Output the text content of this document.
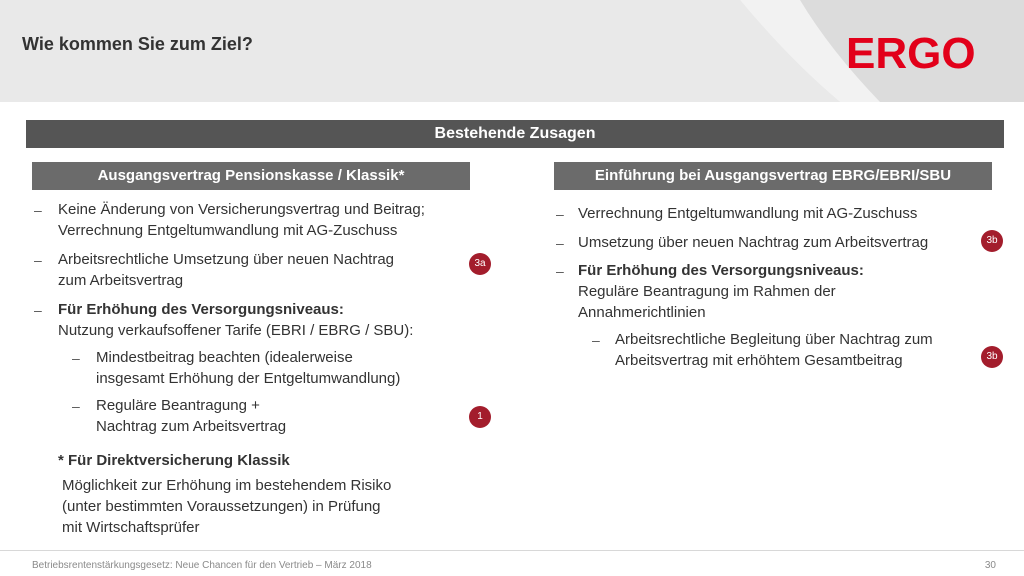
Wie kommen Sie zum Ziel?	ERGO
Bestehende Zusagen
Ausgangsvertrag Pensionskasse / Klassik*	Einführung bei Ausgangsvertrag EBRG/EBRI/SBU
– Keine Änderung von Versicherungsvertrag und Beitrag;
Verrechnung Entgeltumwandlung mit AG-Zuschuss
– Arbeitsrechtliche Umsetzung über neuen Nachtrag
zum Arbeitsvertrag
– Für Erhöhung des Versorgungsniveaus:
Nutzung verkaufsoffener Tarife (EBRI / EBRG / SBU):
– Mindestbeitrag beachten (idealerweise
insgesamt Erhöhung der Entgeltumwandlung)
– Reguläre Beantragung +
Nachtrag zum Arbeitsvertrag
* Für Direktversicherung Klassik
Möglichkeit zur Erhöhung im bestehendem Risiko
(unter bestimmten Voraussetzungen) in Prüfung
mit Wirtschaftsprüfer
3a
1
– Verrechnung Entgeltumwandlung mit AG-Zuschuss
– Umsetzung über neuen Nachtrag zum Arbeitsvertrag
– Für Erhöhung des Versorgungsniveaus:
Reguläre Beantragung im Rahmen der
Annahmerichtlinien
– Arbeitsrechtliche Begleitung über Nachtrag zum
Arbeitsvertrag mit erhöhtem Gesamtbeitrag
3b
3b
Betriebsrentenstärkungsgesetz: Neue Chancen für den Vertrieb – März 2018	30
